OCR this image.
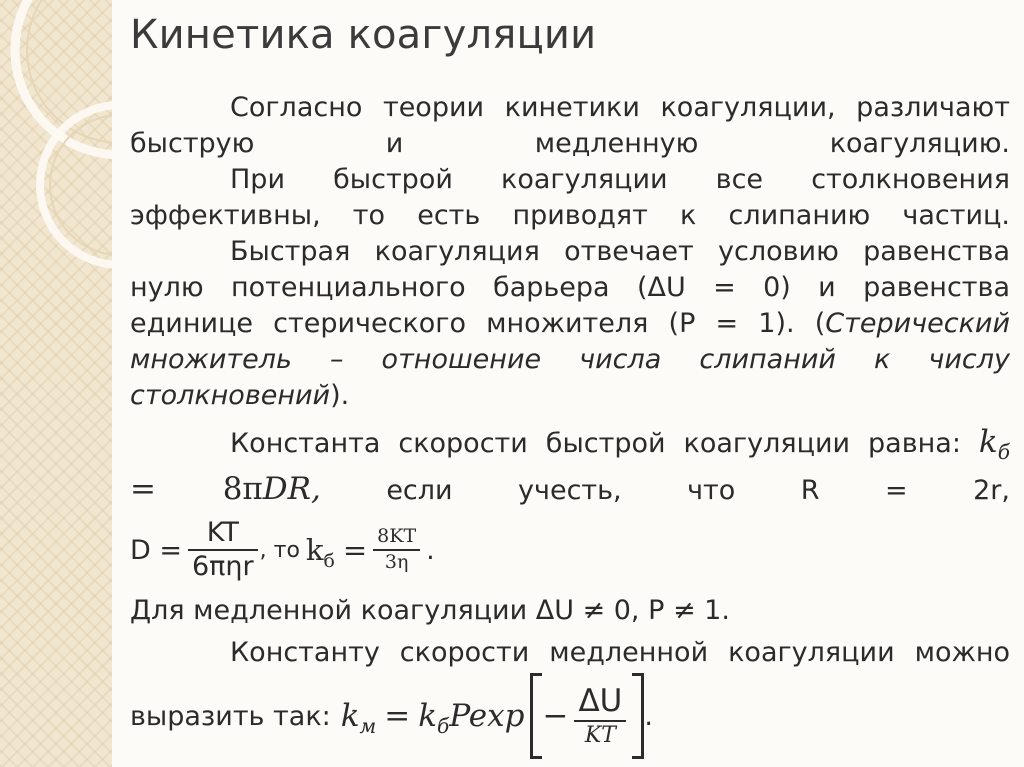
Кинетика коагуляции

Согласно теории кинетики коагуляции, различают

быструю и медленную коагуляцию.

При быстрой коагуляции все столкновения

эффективны, то есть приводят к слипанию частиц.

Быстрая коагуляция отвечает условию равенства

нулю потенциального барьера (ΔU = 0) и равенства

единице стерического множителя (P = 1). (Стерический

множитель – отношение числа слипаний к числу

столкновений).

Константа скорости быстрой коагуляции равна: $k_б$

= 8πDR, если учесть, что R = 2r,

$D = \frac{KT}{\text{6πηr}}$ , то $k_б = \frac{8KT}{3\eta}$ .

Для медленной коагуляции ΔU ≠ 0, P ≠ 1.

Константу скорости медленной коагуляции можно

выразить так: $k_м = k_б$ $Pexp - \frac{\Delta U}{KT}$ .
